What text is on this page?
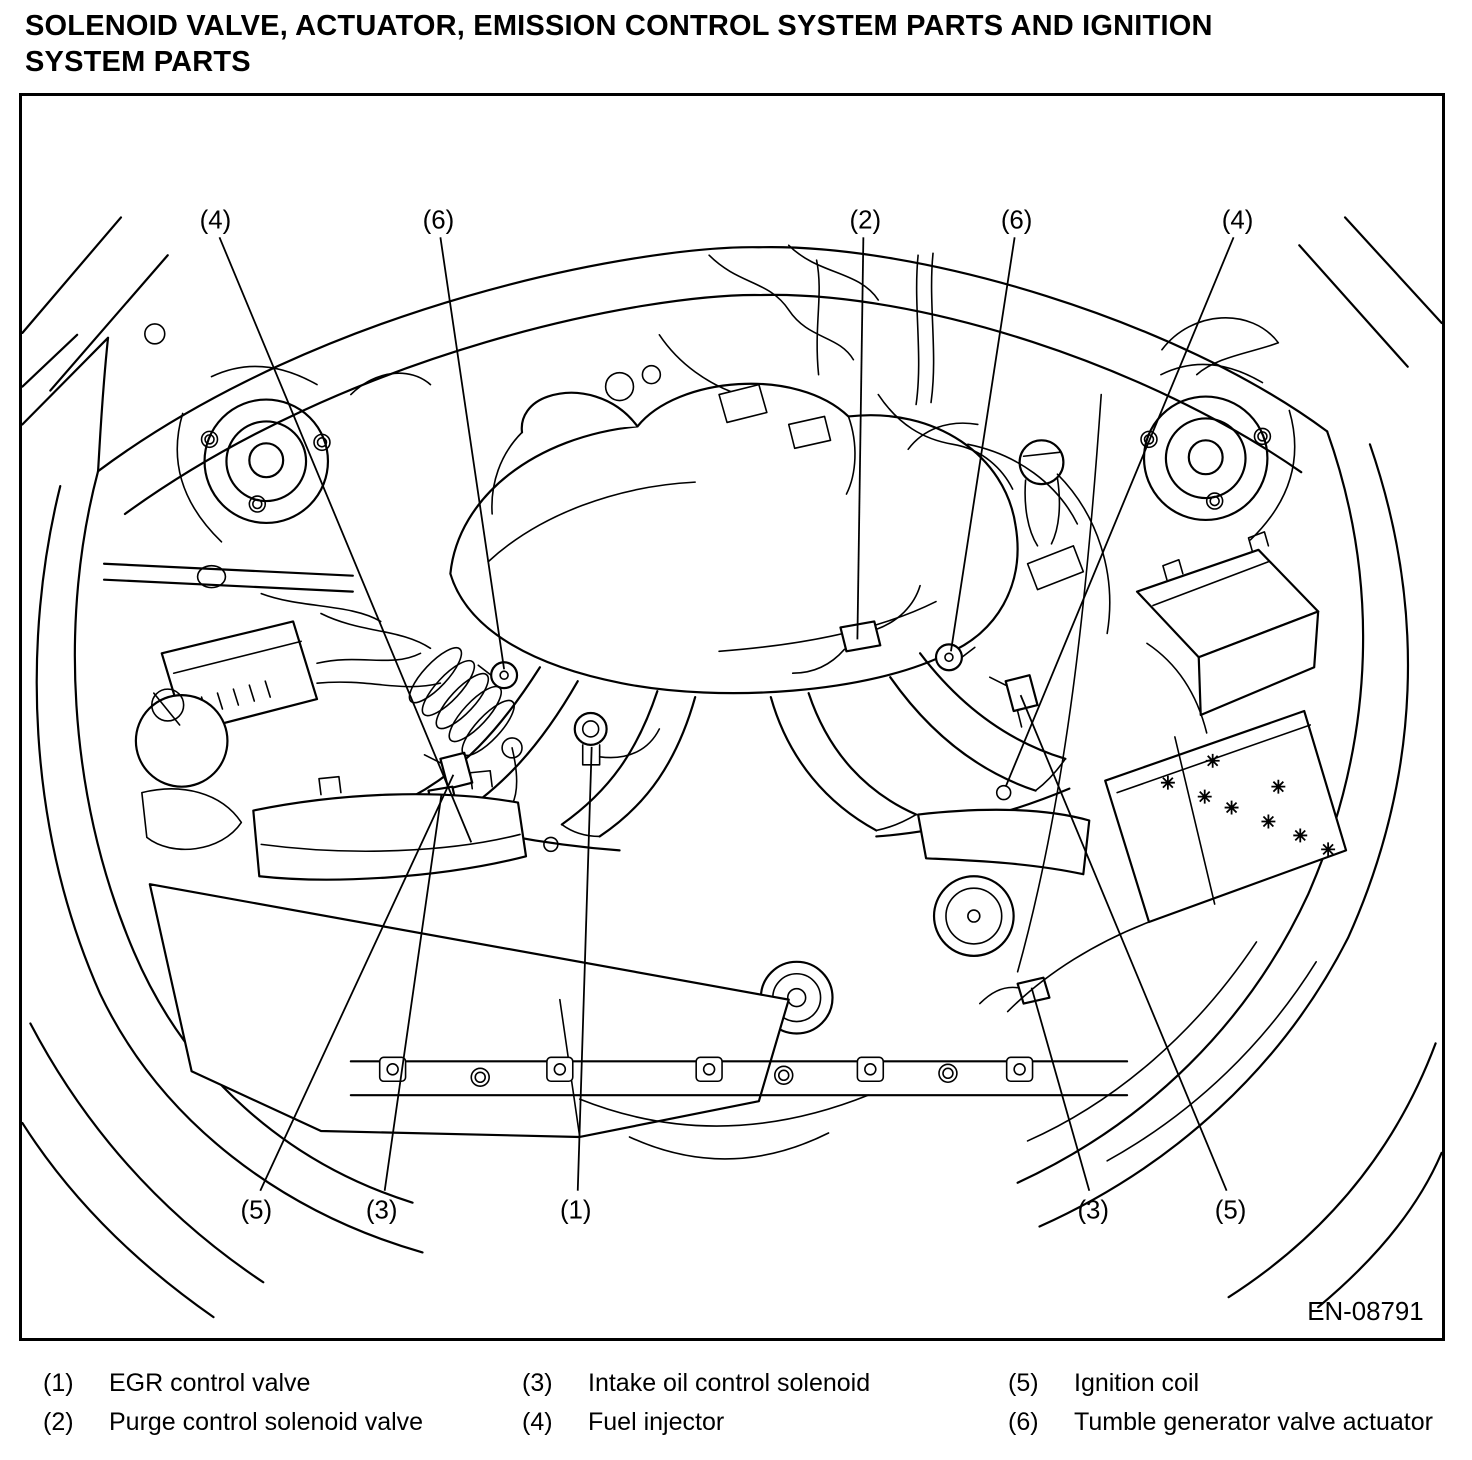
SOLENOID VALVE, ACTUATOR, EMISSION CONTROL SYSTEM PARTS AND IGNITION
SYSTEM PARTS
(4)	(6)	(2)	(6)	(4)
(5)	(3)	(1)	(3)	(5)
EN-08791
(1) EGR control valve
(2) Purge control solenoid valve
(3) Intake oil control solenoid
(4) Fuel injector
(5) Ignition coil
(6) Tumble generator valve actuator
